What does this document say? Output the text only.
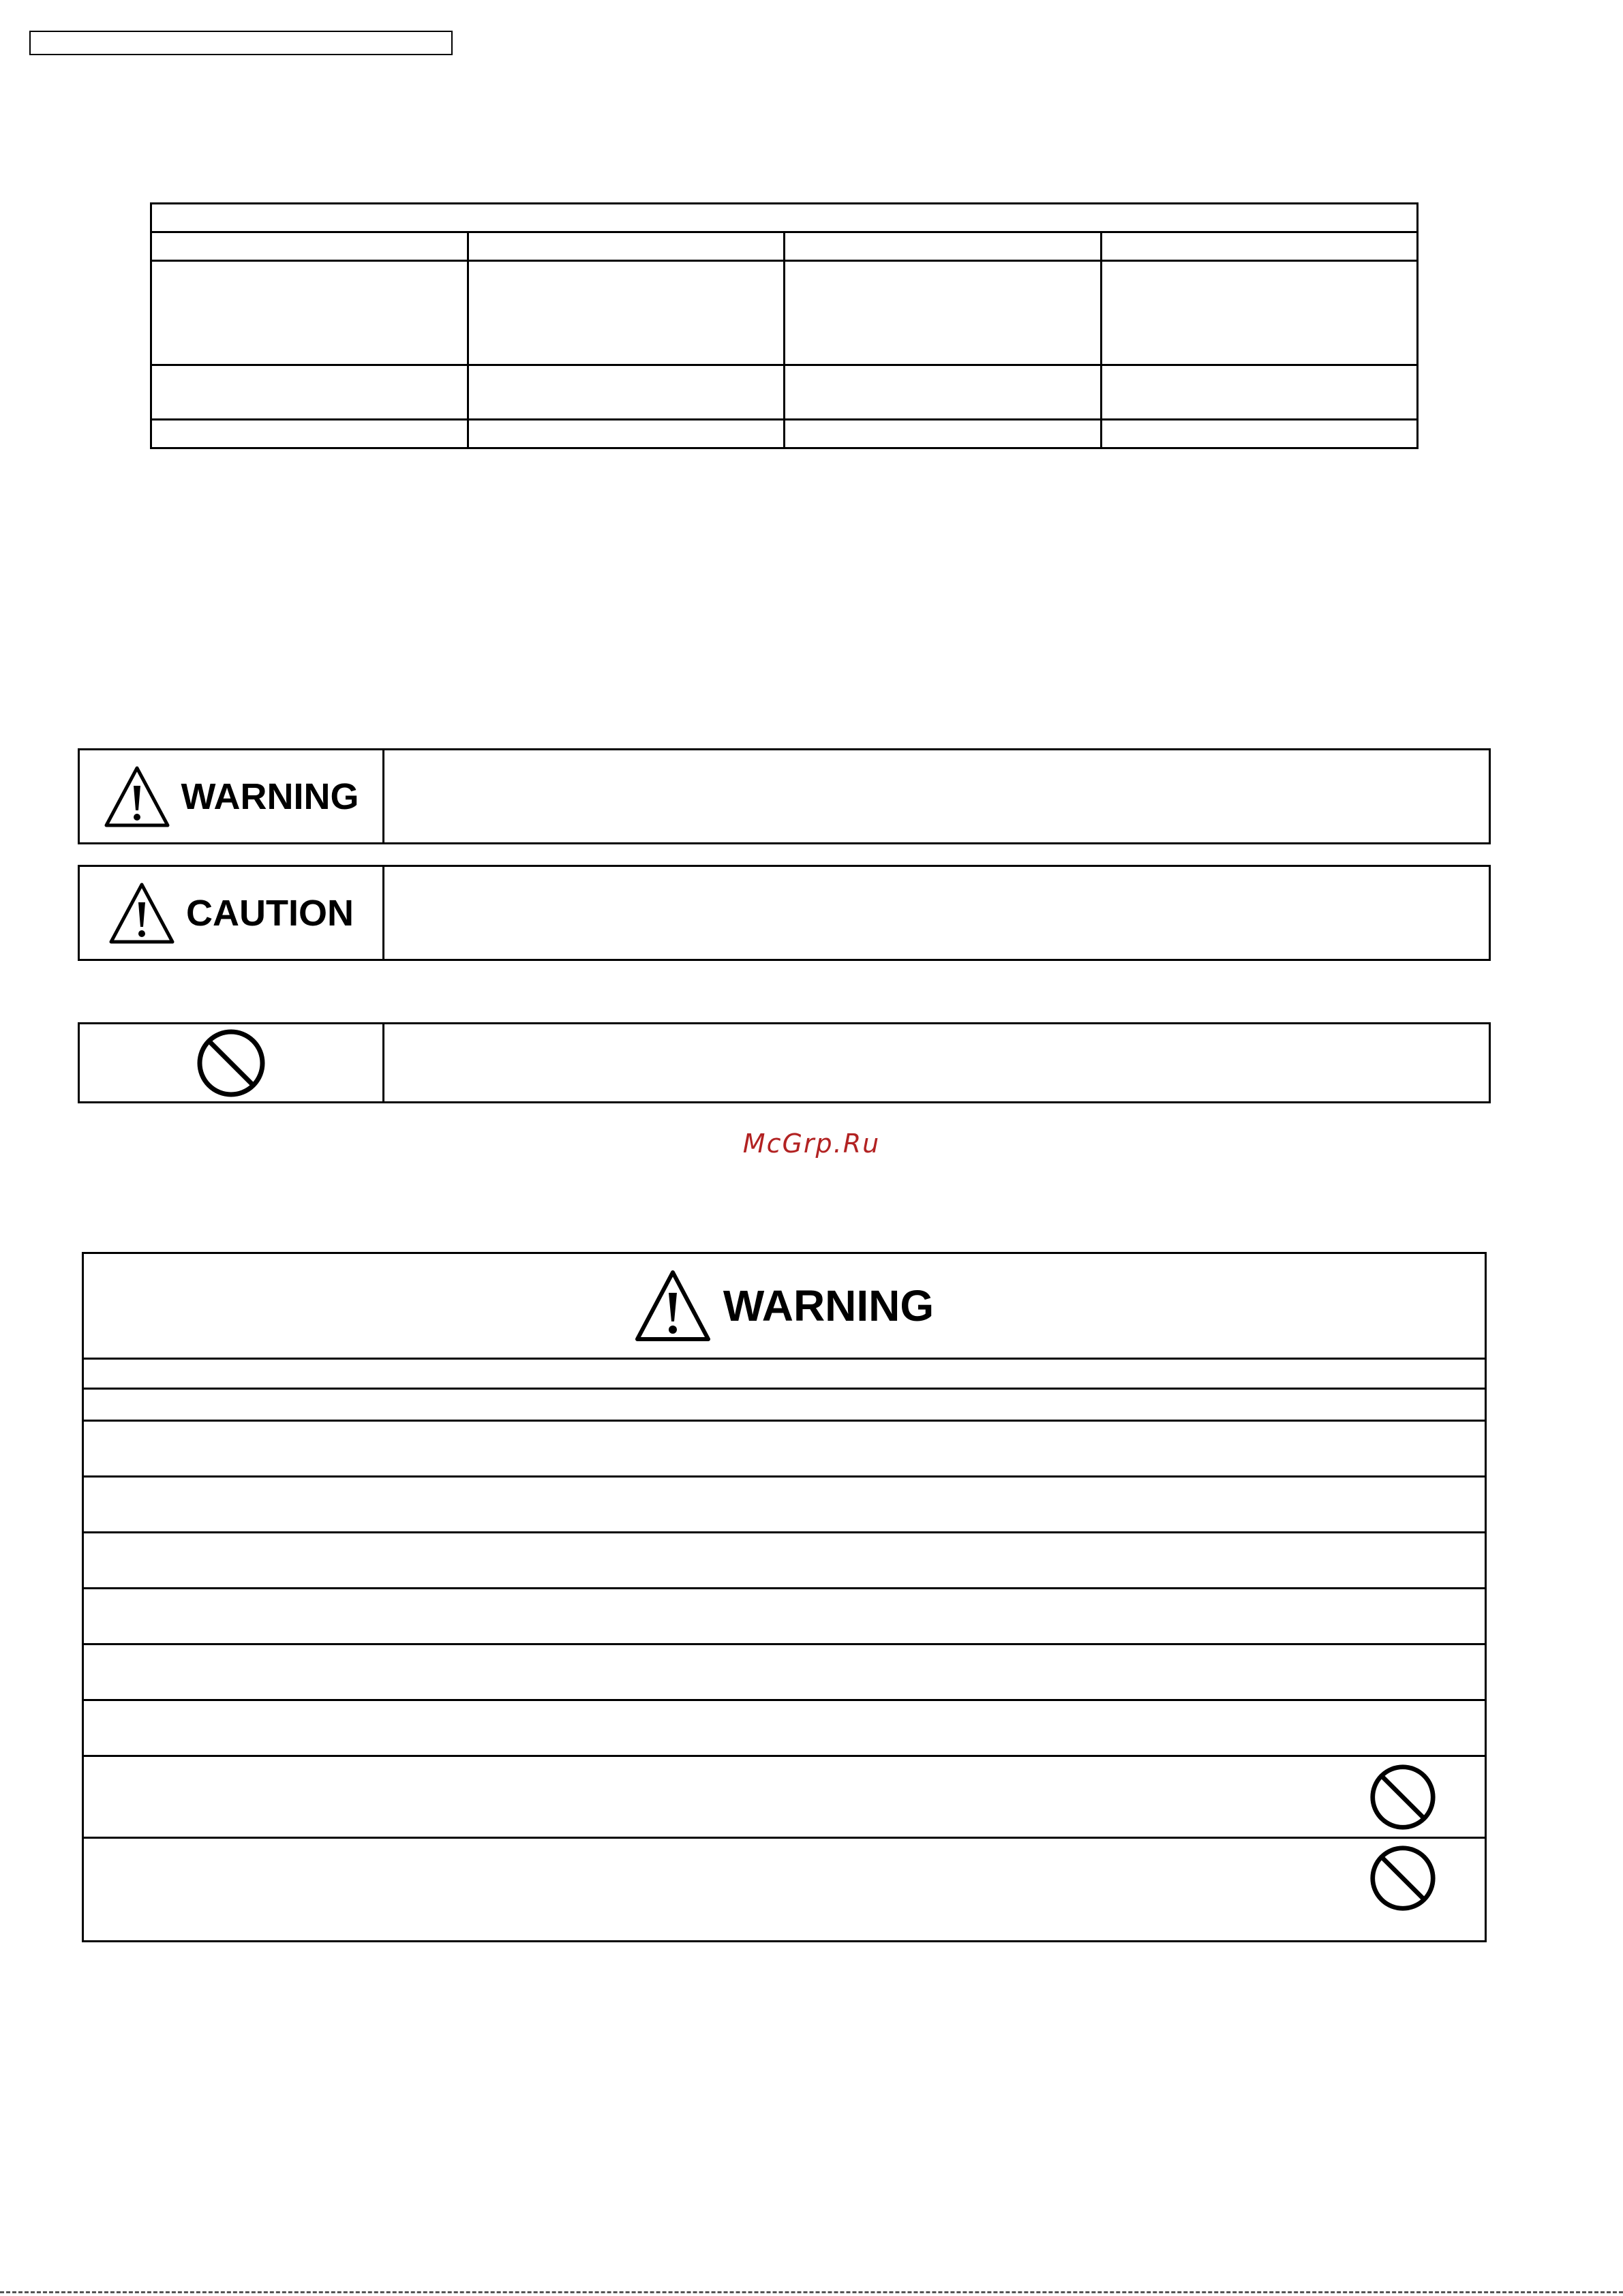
WARNING
CAUTION
McGrp.Ru
WARNING
